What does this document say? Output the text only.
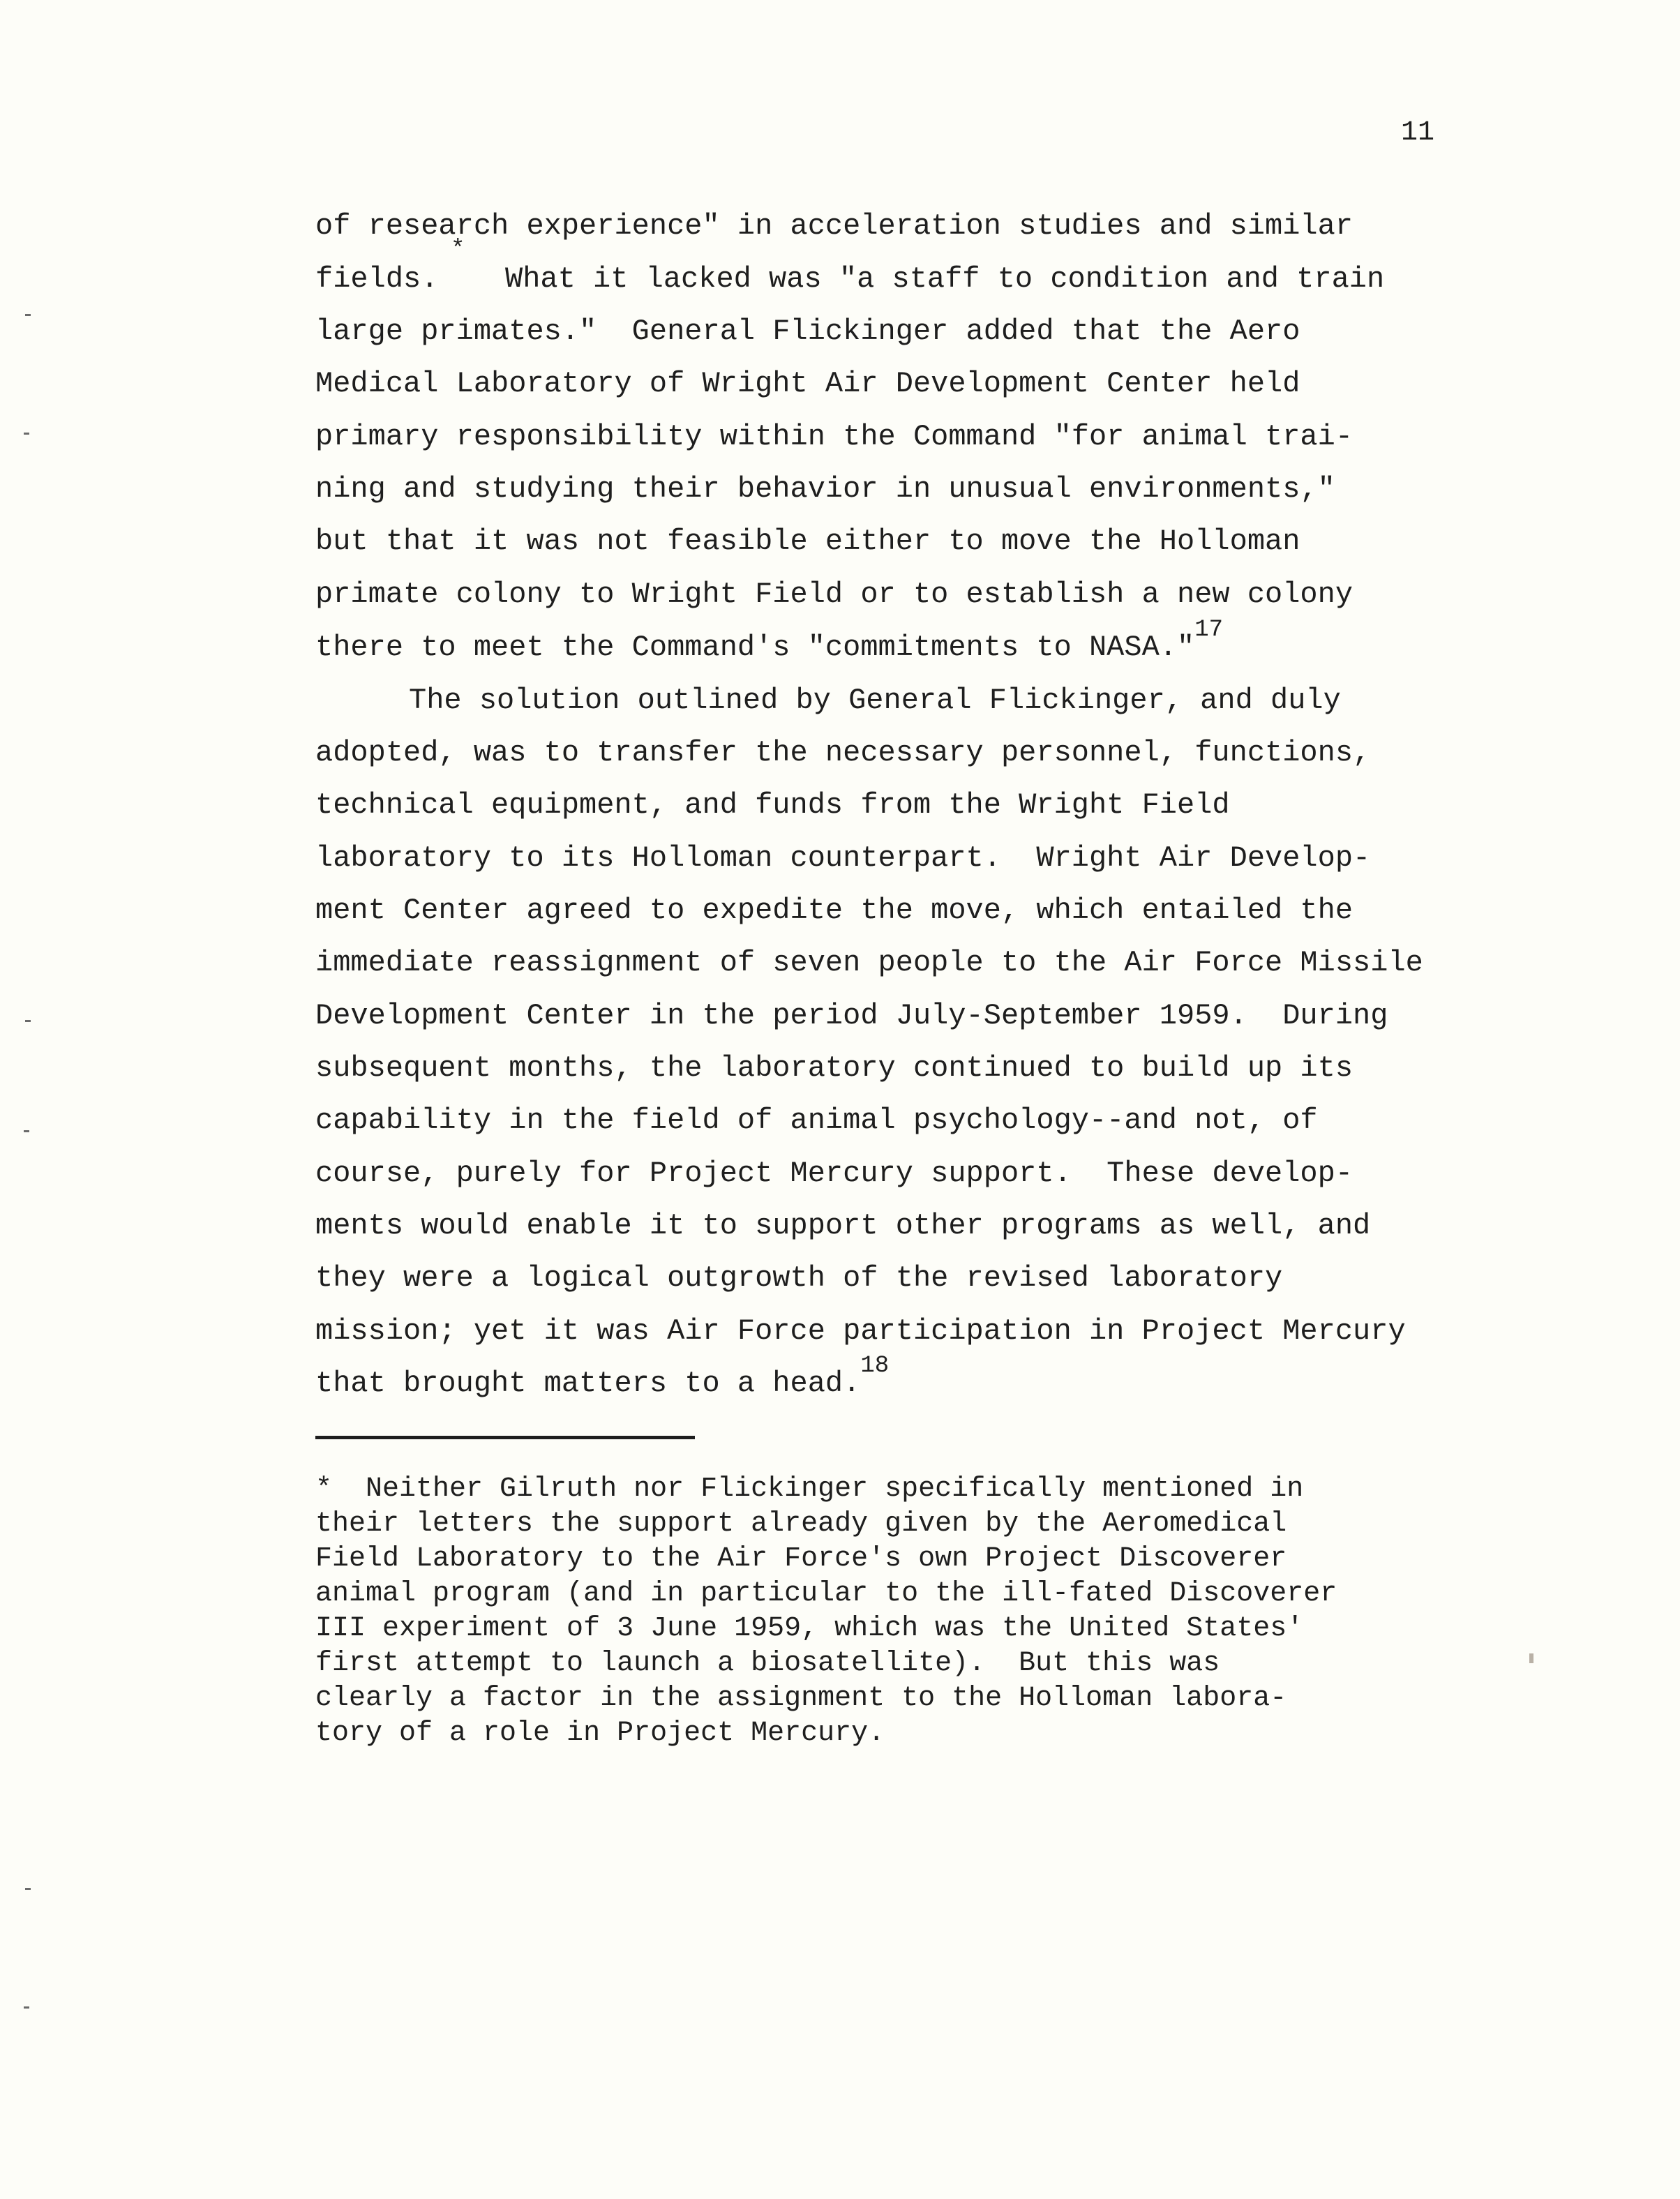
11
of research experience" in acceleration studies and similar
*
fields. What it lacked was "a staff to condition and train
large primates."  General Flickinger added that the Aero
Medical Laboratory of Wright Air Development Center held
primary responsibility within the Command "for animal trai-
ning and studying their behavior in unusual environments,"
but that it was not feasible either to move the Holloman
primate colony to Wright Field or to establish a new colony
there to meet the Command's "commitments to NASA."$^{17}$
The solution outlined by General Flickinger, and duly
adopted, was to transfer the necessary personnel, functions,
technical equipment, and funds from the Wright Field
laboratory to its Holloman counterpart.  Wright Air Develop-
ment Center agreed to expedite the move, which entailed the
immediate reassignment of seven people to the Air Force Missile
Development Center in the period July-September 1959.  During
subsequent months, the laboratory continued to build up its
capability in the field of animal psychology--and not, of
course, purely for Project Mercury support.  These develop-
ments would enable it to support other programs as well, and
they were a logical outgrowth of the revised laboratory
mission; yet it was Air Force participation in Project Mercury
that brought matters to a head.$^{18}$
*  Neither Gilruth nor Flickinger specifically mentioned in
their letters the support already given by the Aeromedical
Field Laboratory to the Air Force's own Project Discoverer
animal program (and in particular to the ill-fated Discoverer
III experiment of 3 June 1959, which was the United States'
first attempt to launch a biosatellite).  But this was
clearly a factor in the assignment to the Holloman labora-
tory of a role in Project Mercury.
